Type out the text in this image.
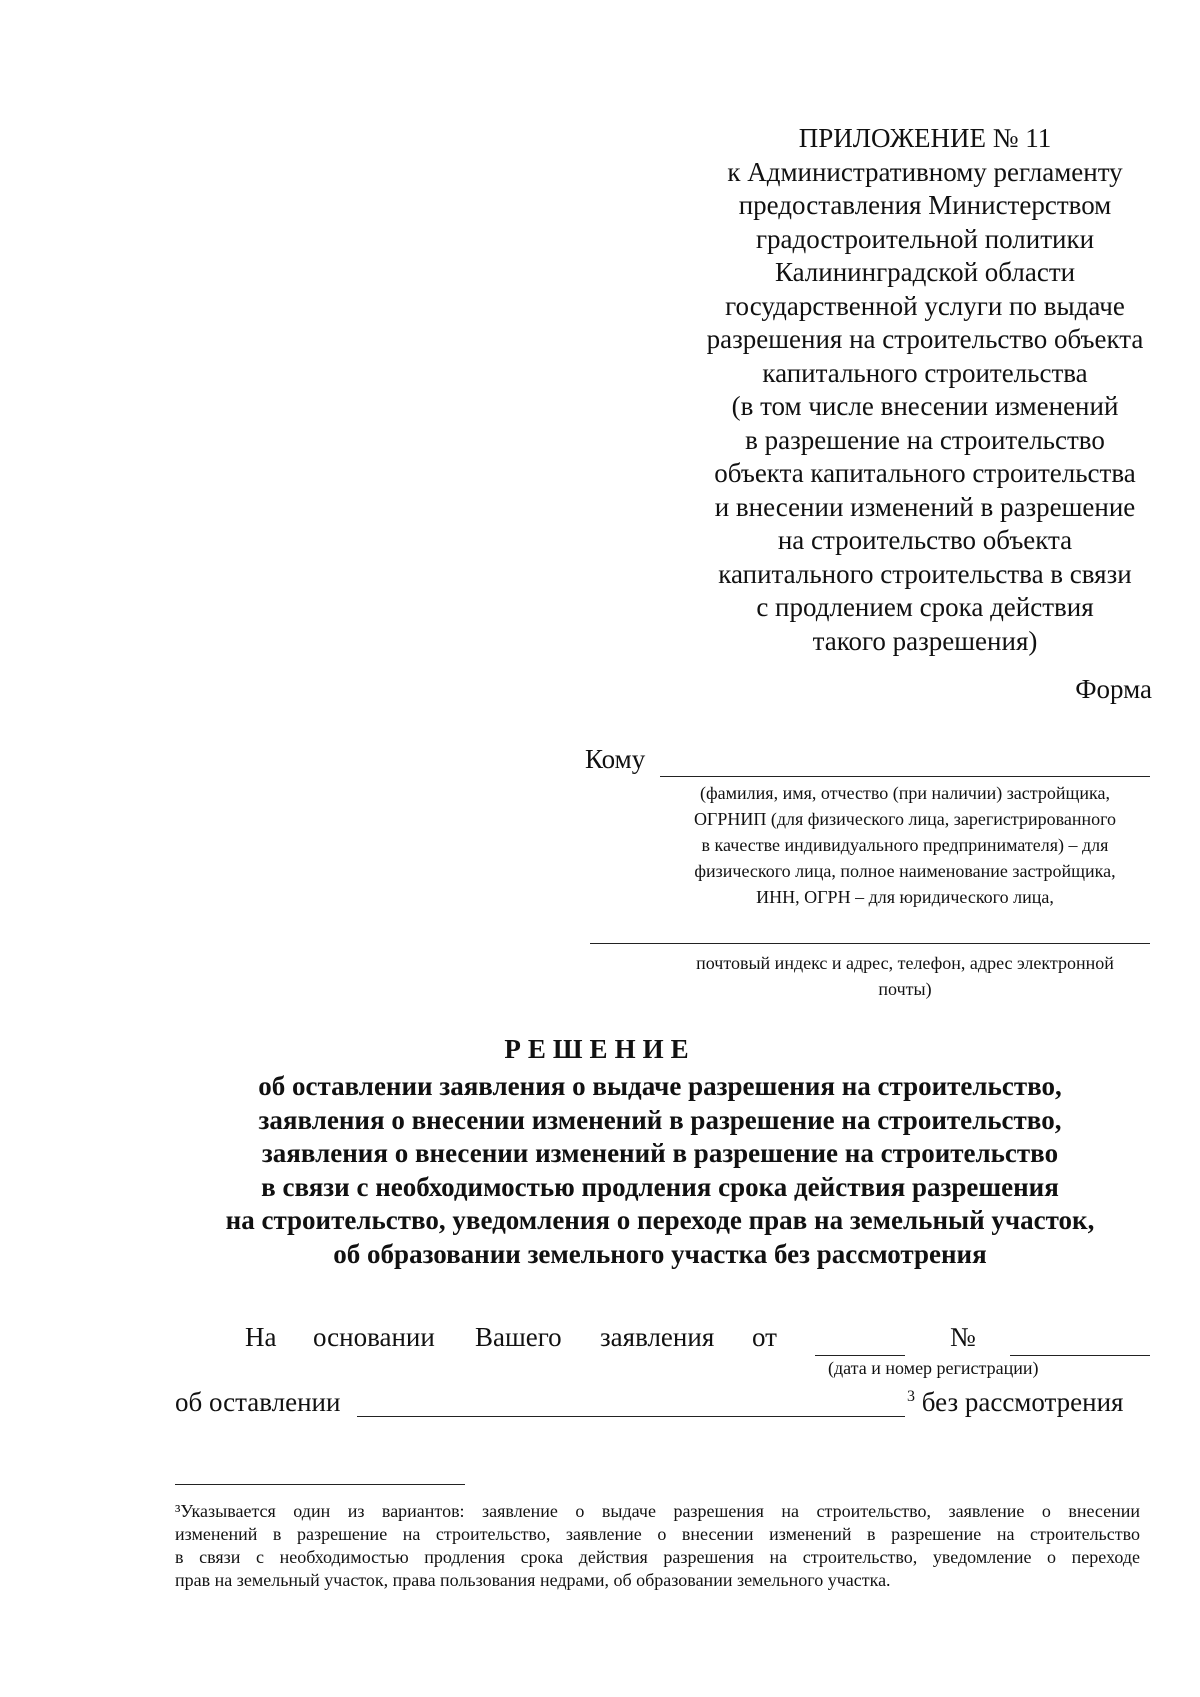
ПРИЛОЖЕНИЕ № 11
к Административному регламенту
предоставления Министерством
градостроительной политики
Калининградской области
государственной услуги по выдаче
разрешения на строительство объекта
капитального строительства
(в том числе внесении изменений
в разрешение на строительство
объекта капитального строительства
и внесении изменений в разрешение
на строительство объекта
капитального строительства в связи
с продлением срока действия
такого разрешения)
Форма
Кому
(фамилия, имя, отчество (при наличии) застройщика,
ОГРНИП (для физического лица, зарегистрированного
в качестве индивидуального предпринимателя) – для
физического лица, полное наименование застройщика,
ИНН, ОГРН – для юридического лица,
почтовый индекс и адрес, телефон, адрес электронной
почты)
РЕШЕНИЕ
об оставлении заявления о выдаче разрешения на строительство,
заявления о внесении изменений в разрешение на строительство,
заявления о внесении изменений в разрешение на строительство
в связи с необходимостью продления срока действия разрешения
на строительство, уведомления о переходе прав на земельный участок,
об образовании земельного участка без рассмотрения
На основании Вашего заявления от	№
(дата и номер регистрации)
об оставлении	$^3$ без рассмотрения
³Указывается один из вариантов: заявление о выдаче разрешения на строительство, заявление о внесении
изменений в разрешение на строительство, заявление о внесении изменений в разрешение на строительство
в связи с необходимостью продления срока действия разрешения на строительство, уведомление о переходе
прав на земельный участок, права пользования недрами, об образовании земельного участка.
